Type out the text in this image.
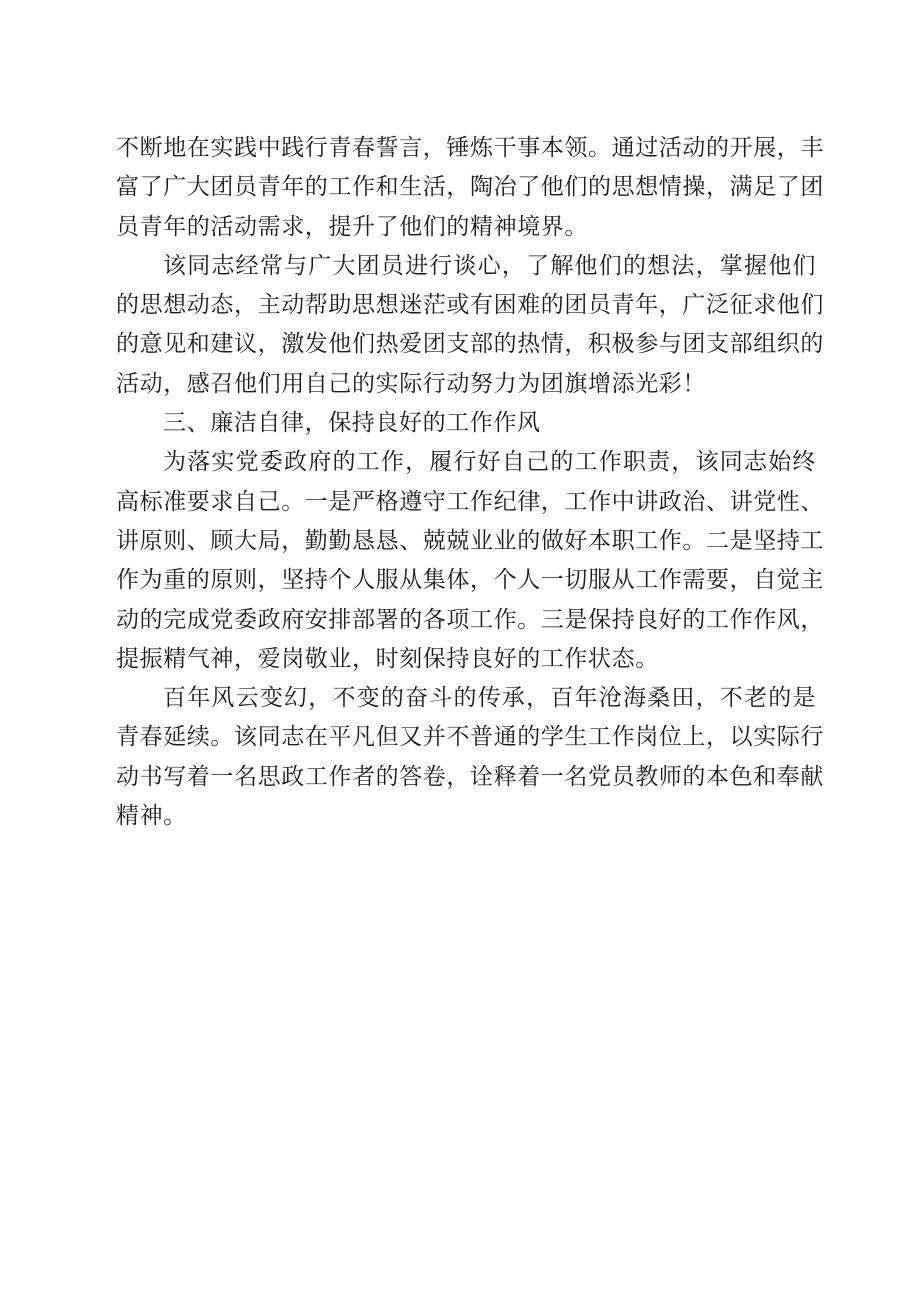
不断地在实践中践行青春誓言，锤炼干事本领。通过活动的开展，丰
富了广大团员青年的工作和生活，陶冶了他们的思想情操，满足了团
员青年的活动需求，提升了他们的精神境界。
该同志经常与广大团员进行谈心，了解他们的想法，掌握他们
的思想动态，主动帮助思想迷茫或有困难的团员青年，广泛征求他们
的意见和建议，激发他们热爱团支部的热情，积极参与团支部组织的
活动，感召他们用自己的实际行动努力为团旗增添光彩！
三、廉洁自律，保持良好的工作作风
为落实党委政府的工作，履行好自己的工作职责，该同志始终
高标准要求自己。一是严格遵守工作纪律，工作中讲政治、讲党性、
讲原则、顾大局，勤勤恳恳、兢兢业业的做好本职工作。二是坚持工
作为重的原则，坚持个人服从集体，个人一切服从工作需要，自觉主
动的完成党委政府安排部署的各项工作。三是保持良好的工作作风，
提振精气神，爱岗敬业，时刻保持良好的工作状态。
百年风云变幻，不变的奋斗的传承，百年沧海桑田，不老的是
青春延续。该同志在平凡但又并不普通的学生工作岗位上，以实际行
动书写着一名思政工作者的答卷，诠释着一名党员教师的本色和奉献
精神。
